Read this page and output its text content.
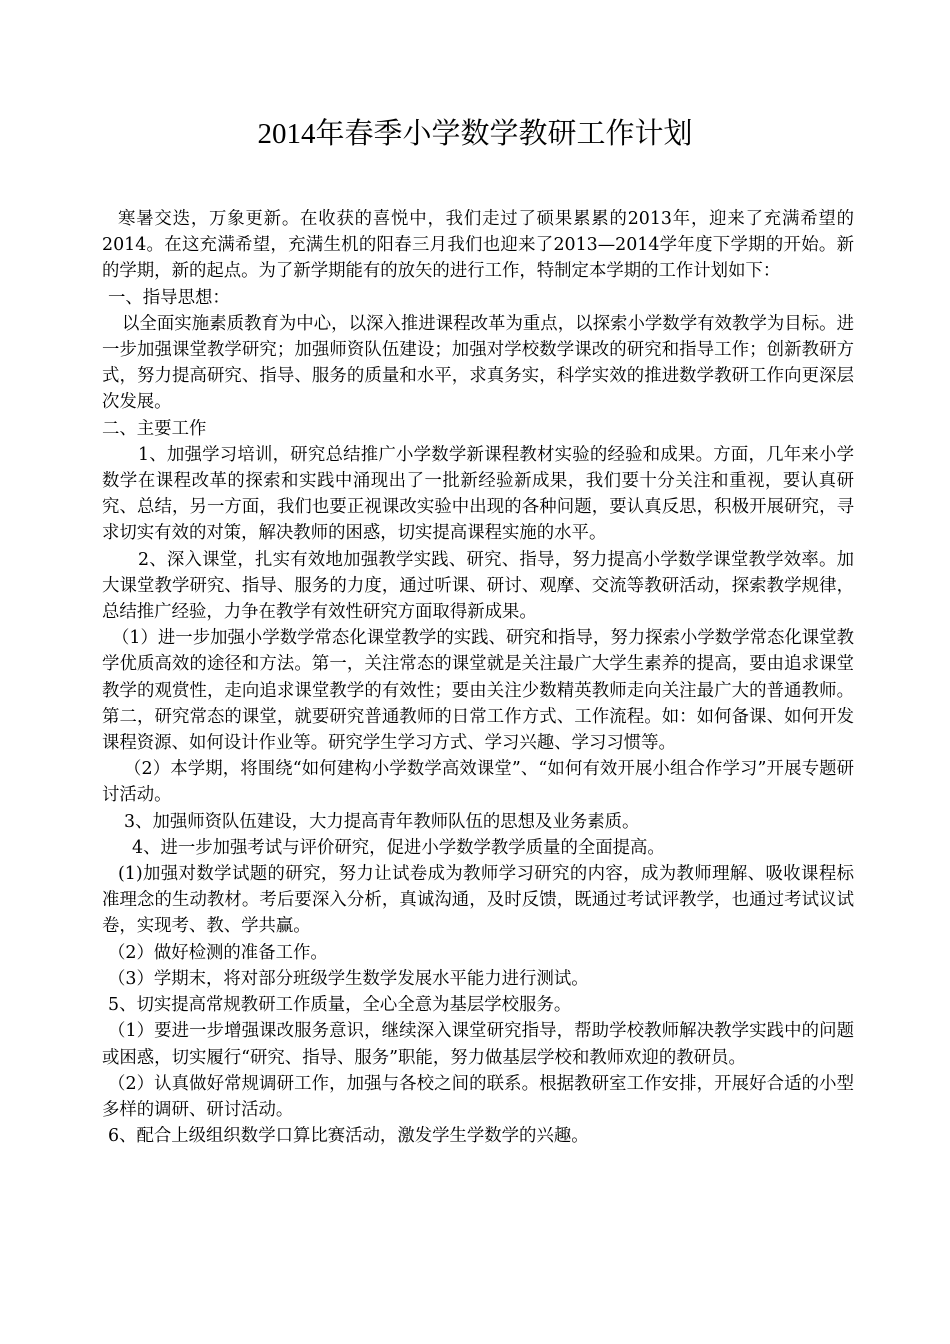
2014年春季小学数学教研工作计划

寒暑交迭，万象更新。在收获的喜悦中，我们走过了硕果累累的2013年，迎来了充满希望的2014。在这充满希望，充满生机的阳春三月我们也迎来了2013—2014学年度下学期的开始。新的学期，新的起点。为了新学期能有的放矢的进行工作，特制定本学期的工作计划如下：

一、指导思想：

以全面实施素质教育为中心，以深入推进课程改革为重点，以探索小学数学有效教学为目标。进一步加强课堂教学研究；加强师资队伍建设；加强对学校数学课改的研究和指导工作；创新教研方式，努力提高研究、指导、服务的质量和水平，求真务实，科学实效的推进数学教研工作向更深层次发展。

二、主要工作

1、加强学习培训，研究总结推广小学数学新课程教材实验的经验和成果。方面，几年来小学数学在课程改革的探索和实践中涌现出了一批新经验新成果，我们要十分关注和重视，要认真研究、总结，另一方面，我们也要正视课改实验中出现的各种问题，要认真反思，积极开展研究，寻求切实有效的对策，解决教师的困惑，切实提高课程实施的水平。

2、深入课堂，扎实有效地加强教学实践、研究、指导，努力提高小学数学课堂教学效率。加大课堂教学研究、指导、服务的力度，通过听课、研讨、观摩、交流等教研活动，探索教学规律，总结推广经验，力争在教学有效性研究方面取得新成果。

（1）进一步加强小学数学常态化课堂教学的实践、研究和指导，努力探索小学数学常态化课堂教学优质高效的途径和方法。第一，关注常态的课堂就是关注最广大学生素养的提高，要由追求课堂教学的观赏性，走向追求课堂教学的有效性；要由关注少数精英教师走向关注最广大的普通教师。第二，研究常态的课堂，就要研究普通教师的日常工作方式、工作流程。如：如何备课、如何开发课程资源、如何设计作业等。研究学生学习方式、学习兴趣、学习习惯等。

（2）本学期，将围绕“如何建构小学数学高效课堂”、“如何有效开展小组合作学习”开展专题研讨活动。

3、加强师资队伍建设，大力提高青年教师队伍的思想及业务素质。

4、进一步加强考试与评价研究，促进小学数学教学质量的全面提高。

(1)加强对数学试题的研究，努力让试卷成为教师学习研究的内容，成为教师理解、吸收课程标准理念的生动教材。考后要深入分析，真诚沟通，及时反馈，既通过考试评教学，也通过考试议试卷，实现考、教、学共赢。

（2）做好检测的准备工作。

（3）学期末，将对部分班级学生数学发展水平能力进行测试。

5、切实提高常规教研工作质量，全心全意为基层学校服务。

（1）要进一步增强课改服务意识，继续深入课堂研究指导，帮助学校教师解决教学实践中的问题或困惑，切实履行“研究、指导、服务”职能，努力做基层学校和教师欢迎的教研员。

（2）认真做好常规调研工作，加强与各校之间的联系。根据教研室工作安排，开展好合适的小型多样的调研、研讨活动。

6、配合上级组织数学口算比赛活动，激发学生学数学的兴趣。
